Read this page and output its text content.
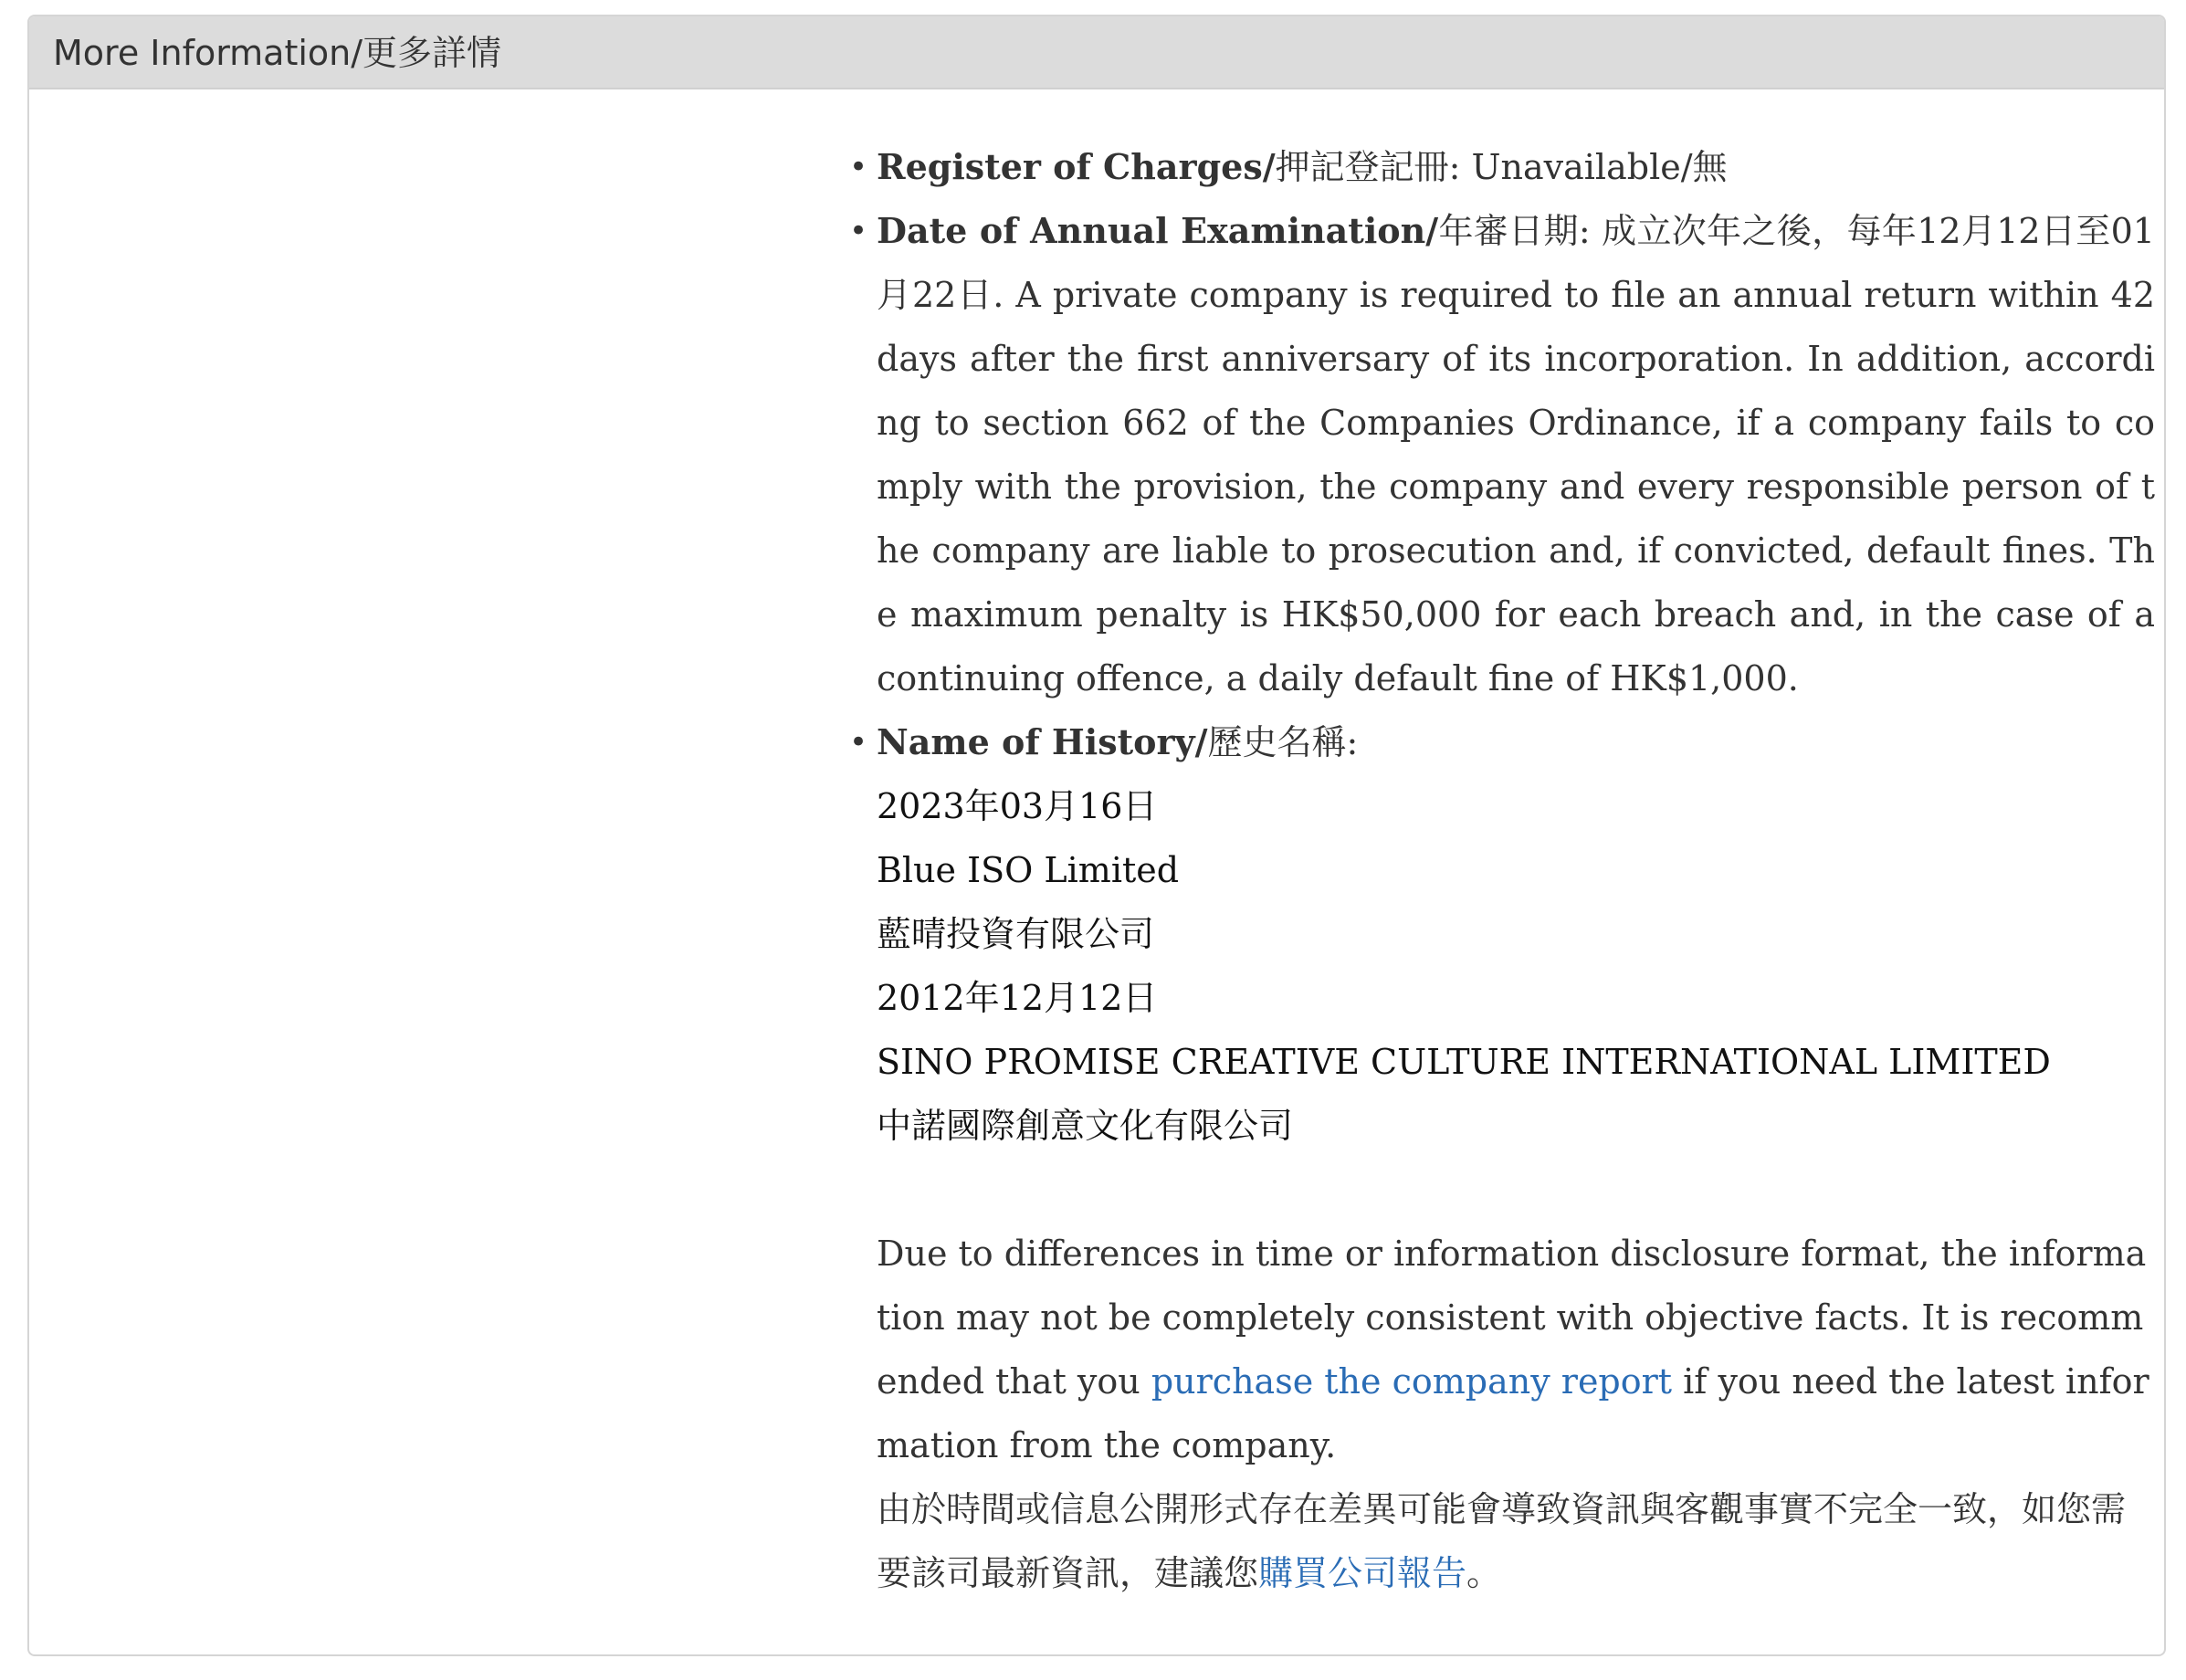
More Information/更多詳情
• Register of Charges/押記登記冊: Unavailable/無
• Date of Annual Examination/年審日期: 成立次年之後，每年12月12日至01月22日. A private company is required to file an annual return within 42 days after the first anniversary of its incorporation. In addition, according to section 662 of the Companies Ordinance, if a company fails to comply with the provision, the company and every responsible person of the company are liable to prosecution and, if convicted, default fines. The maximum penalty is HK$50,000 for each breach and, in the case of a continuing offence, a daily default fine of HK$1,000.
• Name of History/歷史名稱:
2023年03月16日
Blue ISO Limited
藍晴投資有限公司
2012年12月12日
SINO PROMISE CREATIVE CULTURE INTERNATIONAL LIMITED
中諾國際創意文化有限公司
Due to differences in time or information disclosure format, the information may not be completely consistent with objective facts. It is recommended that you purchase the company report if you need the latest information from the company.
由於時間或信息公開形式存在差異可能會導致資訊與客觀事實不完全一致，如您需要該司最新資訊，建議您購買公司報告。
